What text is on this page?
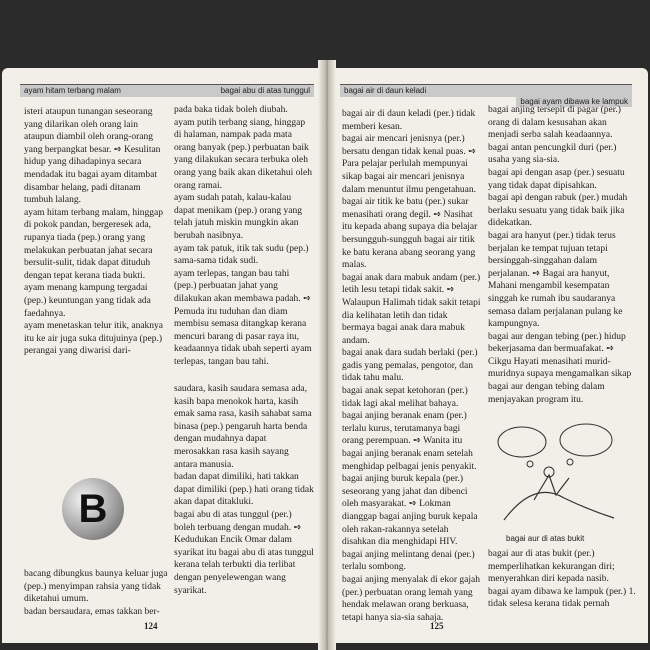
ayam hitam terbang malam	bagai abu di atas tunggul

isteri ataupun tunangan seseorang yang dilarikan oleh orang lain ataupun diambil oleh orang-orang yang berpangkat besar. ➺ Kesulitan hidup yang dihadapinya secara mendadak itu bagai ayam ditambat disambar helang, padi ditanam tumbuh lalang.

ayam hitam terbang malam, hinggap di pokok pandan, bergeresek ada, rupanya tiada (pep.) orang yang melakukan perbuatan jahat secara bersulit-sulit, tidak dapat dituduh dengan tepat kerana tiada bukti.

ayam menang kampung tergadai (pep.) keuntungan yang tidak ada faedahnya.

ayam menetaskan telur itik, anaknya itu ke air juga suka ditujuinya (pep.) perangai yang diwarisi dari-

B

baсang dibungkus baunya keluar juga (pep.) menyimpan rahsia yang tidak diketahui umum.

badan bersaudara, emas takkan ber-

pada baka tidak boleh diubah.

ayam putih terbang siang, hinggap di halaman, nampak pada mata orang banyak (pep.) perbuatan baik yang dilakukan secara terbuka oleh orang yang baik akan diketahui oleh orang ramai.

ayam sudah patah, kalau-kalau dapat menikam (pep.) orang yang telah jatuh miskin mungkin akan berubah nasibnya.

ayam tak patuk, itik tak sudu (pep.) sama-sama tidak sudi.

ayam terlepas, tangan bau tahi (pep.) perbuatan jahat yang dilakukan akan membawa padah. ➺ Pemuda itu tuduhan dan diam membisu semasa ditangkap kerana mencuri barang di pasar raya itu, keadaannya tidak ubah seperti ayam terlepas, tangan bau tahi.

saudara, kasih saudara semasa ada, kasih bapa menokok harta, kasih emak sama rasa, kasih sahabat sama binasa (pep.) pengaruh harta benda dengan mudahnya dapat merosakkan rasa kasih sayang antara manusia.

badan dapat dimiliki, hati takkan dapat dimiliki (pep.) hati orang tidak akan dapat ditakluki.

bagai abu di atas tunggul (per.) boleh terbuang dengan mudah. ➺ Kedudukan Encik Omar dalam syarikat itu bagai abu di atas tunggul kerana telah terbukti dia terlibat dengan penyelewengan wang syarikat.

124
bagai air di daun keladi
bagai ayam dibawa ke lampuk

bagai air di daun keladi (per.) tidak memberi kesan.

bagai air mencari jenisnya (per.) bersatu dengan tidak kenal puas. ➺ Para pelajar perlulah mempunyai sikap bagai air mencari jenisnya dalam menuntut ilmu pengetahuan.

bagai air titik ke batu (per.) sukar menasihati orang degil. ➺ Nasihat itu kepada abang supaya dia belajar bersungguh-sungguh bagai air titik ke batu kerana abang seorang yang malas.

bagai anak dara mabuk andam (per.) letih lesu tetapi tidak sakit. ➺ Walaupun Halimah tidak sakit tetapi dia kelihatan letih dan tidak bermaya bagai anak dara mabuk andam.

bagai anak dara sudah berlaki (per.) gadis yang pemalas, pengotor, dan tidak tahu malu.

bagai anak sepat ketohoran (per.) tidak lagi akal melihat bahaya.

bagai anjing beranak enam (per.) terlalu kurus, terutamanya bagi orang perempuan. ➺ Wanita itu bagai anjing beranak enam setelah menghidap pelbagai jenis penyakit.

bagai anjing buruk kepala (per.) seseorang yang jahat dan dibenci oleh masyarakat. ➺ Lokman dianggap bagai anjing buruk kepala oleh rakan-rakannya setelah disahkan dia menghidapi HIV.

bagai anjing melintang denai (per.) terlalu sombong.

bagai anjing menyalak di ekor gajah (per.) perbuatan orang lemah yang hendak melawan orang berkuasa, tetapi hanya sia-sia sahaja.

bagai anjing tersepit di pagar (per.) orang di dalam kesusahan akan menjadi serba salah keadaannya.

bagai antan pencungkil duri (per.) usaha yang sia-sia.

bagai api dengan asap (per.) sesuatu yang tidak dapat dipisahkan.

bagai api dengan rabuk (per.) mudah berlaku sesuatu yang tidak baik jika didekatkan.

bagai ara hanyut (per.) tidak terus berjalan ke tempat tujuan tetapi bersinggah-singgahan dalam perjalanan. ➺ Bagai ara hanyut, Mahani mengambil kesempatan singgah ke rumah ibu saudaranya semasa dalam perjalanan pulang ke kampungnya.

bagai aur dengan tebing (per.) hidup bekerjasama dan bermuafakat. ➺ Cikgu Hayati menasihati murid-muridnya supaya mengamalkan sikap bagai aur dengan tebing dalam menjayakan program itu.

bagai aur di atas bukit

bagai aur di atas bukit (per.) memperlihatkan kekurangan diri; menyerahkan diri kepada nasib.

bagai ayam dibawa ke lampuk (per.) 1. tidak selesa kerana tidak pernah

125
